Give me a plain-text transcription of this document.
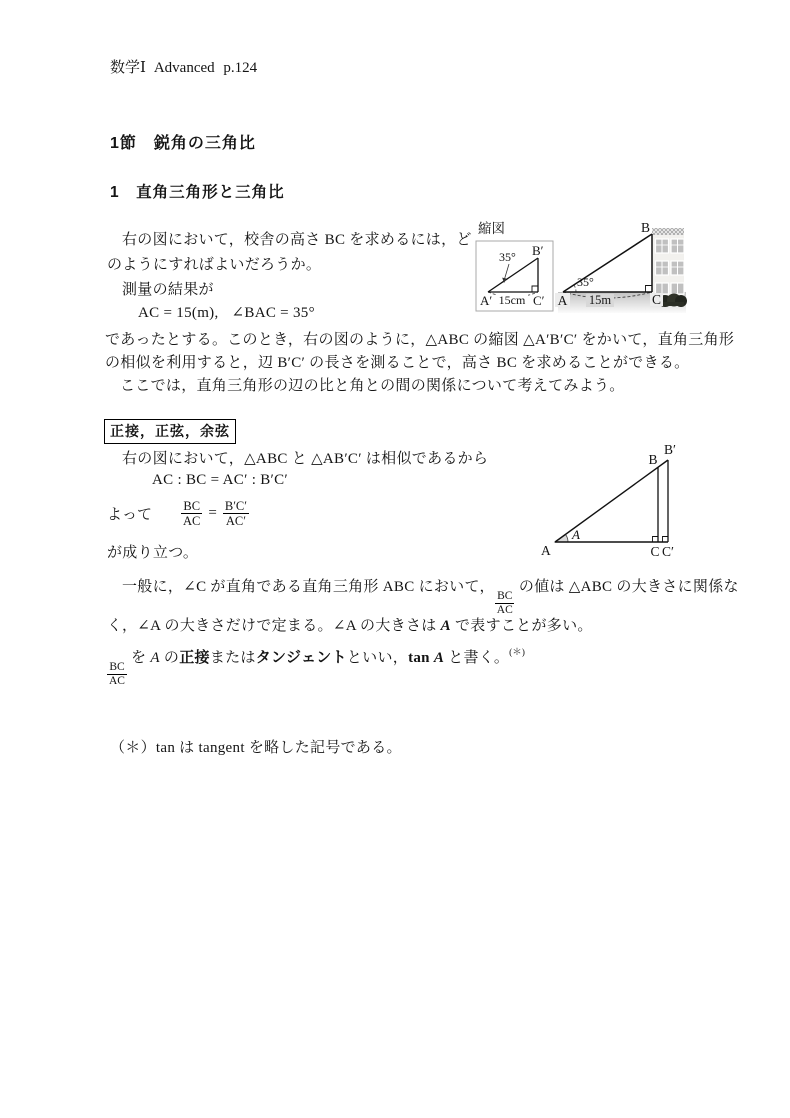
数学Ⅰ Advanced p.124
1節　鋭角の三角比
1　直角三角形と三角比
右の図において，校舎の高さ BC を求めるには，ど
のようにすればよいだろうか。
測量の結果が
AC = 15(m), ∠BAC = 35°
であったとする。このとき，右の図のように，△ABC の縮図 △A′B′C′ をかいて，直角三角形
の相似を利用すると，辺 B′C′ の長さを測ることで，高さ BC を求めることができる。
ここでは，直角三角形の辺の比と角との間の関係について考えてみよう。
縮図
35°
15cm
A′
B′
C′
35°
15m
A
B
C
正接，正弦，余弦
右の図において，△ABC と △AB′C′ は相似であるから
AC : BC = AC′ : B′C′
よって $\frac{BC}{AC} = \frac{B'C'}{AC'}$
が成り立つ。	A
A
B
B′
C C′
一般に，∠C が直角である直角三角形 ABC において，
$\frac{BC}{AC}$
の値は △ABC の大きさに関係な
く，∠A の大きさだけで定まる。∠A の大きさは A で表すことが多い。
$\frac{BC}{AC}$
を A の正接またはタンジェントといい，tan A と書く。(＊)
（＊）tan は tangent を略した記号である。
